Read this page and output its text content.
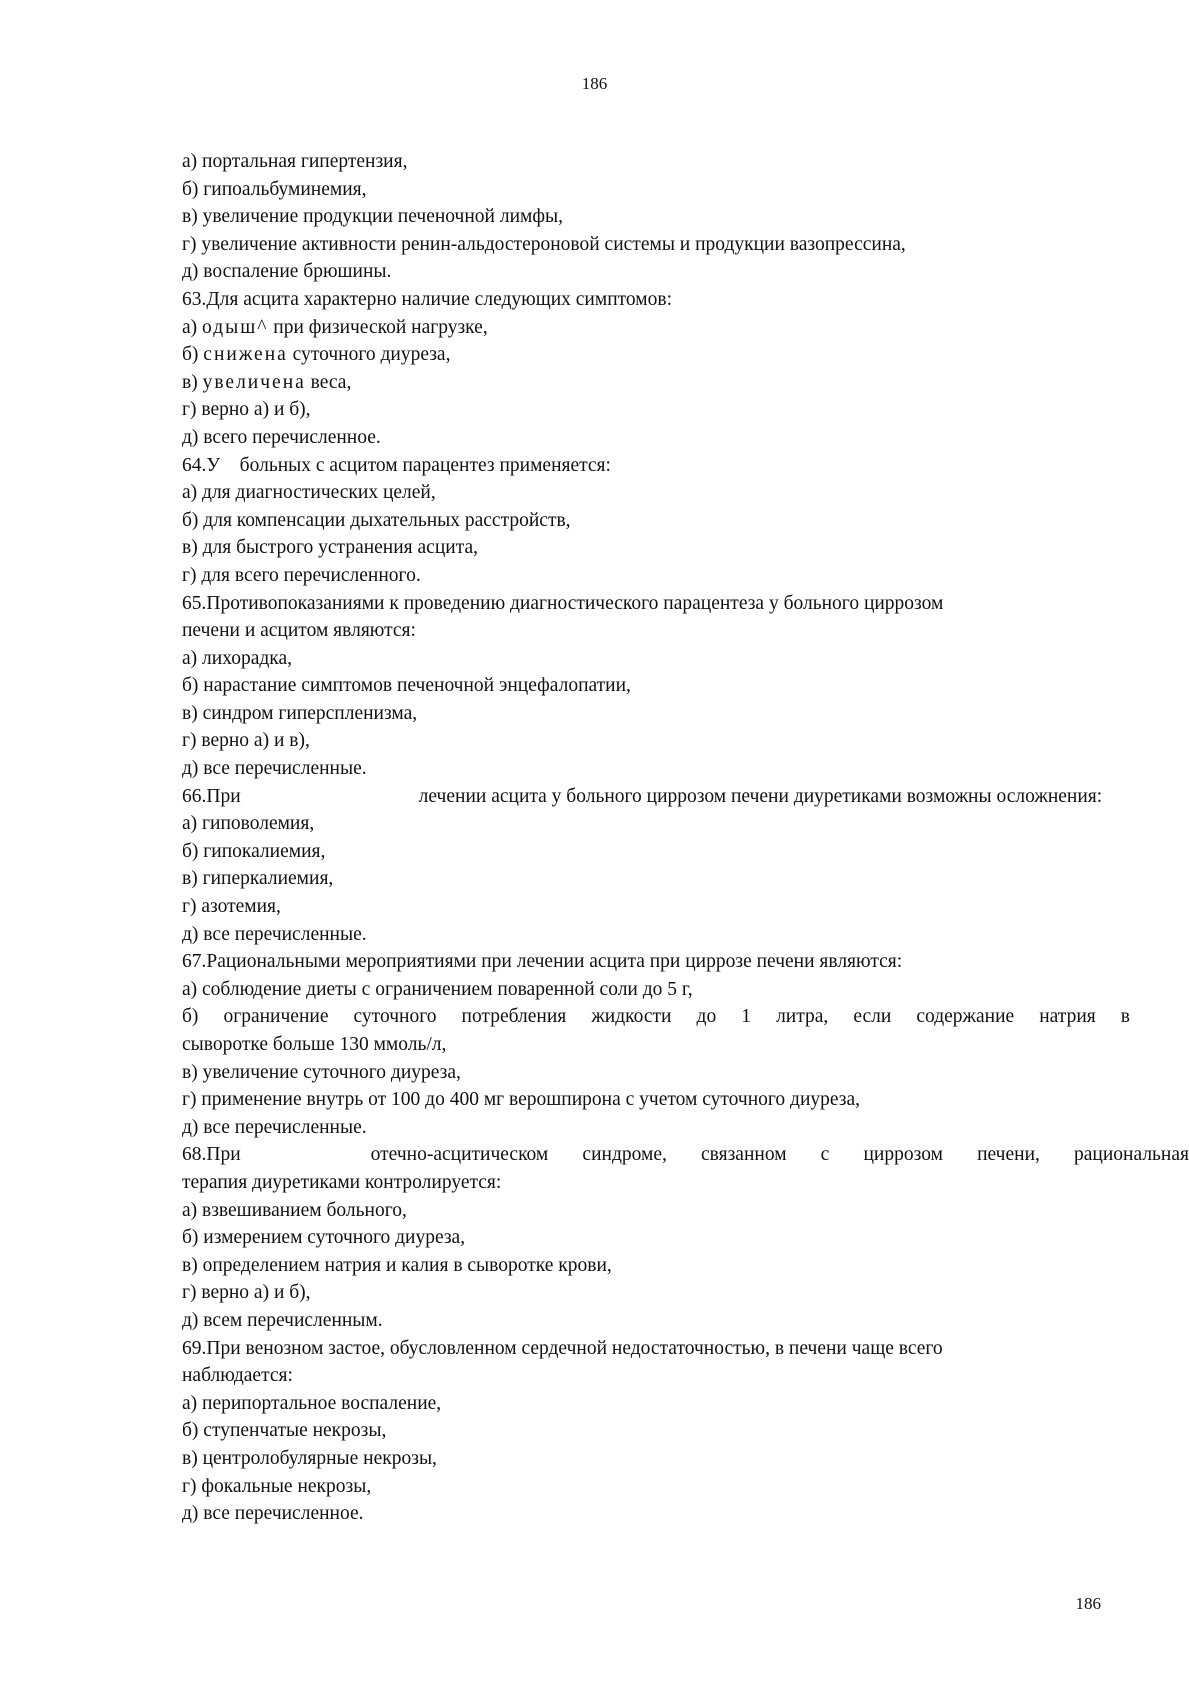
186
а) портальная гипертензия,
б) гипоальбуминемия,
в) увеличение продукции печеночной лимфы,
г) увеличение активности ренин-альдостероновой системы и продукции вазопрессина,
д) воспаление брюшины.
63.Для асцита характерно наличие следующих симптомов:
а) одыш^ при физической нагрузке,
б) снижена суточного диуреза,
в) увеличена веса,
г) верно а) и б),
д) всего перечисленное.
64.У    больных с асцитом парацентез применяется:
а) для диагностических целей,
б) для компенсации дыхательных расстройств,
в) для быстрого устранения асцита,
г) для всего перечисленного.
65.Противопоказаниями к проведению диагностического парацентеза у больного циррозом
печени и асцитом являются:
а) лихорадка,
б) нарастание симптомов печеночной энцефалопатии,
в) синдром гиперспленизма,
г) верно а) и в),
д) все перечисленные.
66.При	лечении асцита у больного циррозом печени диуретиками возможны осложнения:
а) гиповолемия,
б) гипокалиемия,
в) гиперкалиемия,
г) азотемия,
д) все перечисленные.
67.Рациональными мероприятиями при лечении асцита при циррозе печени являются:
а) соблюдение диеты с ограничением поваренной соли до 5 г,
б) ограничение суточного потребления жидкости до 1 литра, если содержание натрия в
сыворотке больше 130 ммоль/л,
в) увеличение суточного диуреза,
г) применение внутрь от 100 до 400 мг верошпирона с учетом суточного диуреза,
д) все перечисленные.
68.При	отечно-асцитическом синдроме, связанном с циррозом печени, рациональная
терапия диуретиками контролируется:
а) взвешиванием больного,
б) измерением суточного диуреза,
в) определением натрия и калия в сыворотке крови,
г) верно а) и б),
д) всем перечисленным.
69.При венозном застое, обусловленном сердечной недостаточностью, в печени чаще всего
наблюдается:
а) перипортальное воспаление,
б) ступенчатые некрозы,
в) центролобулярные некрозы,
г) фокальные некрозы,
д) все перечисленное.
186
